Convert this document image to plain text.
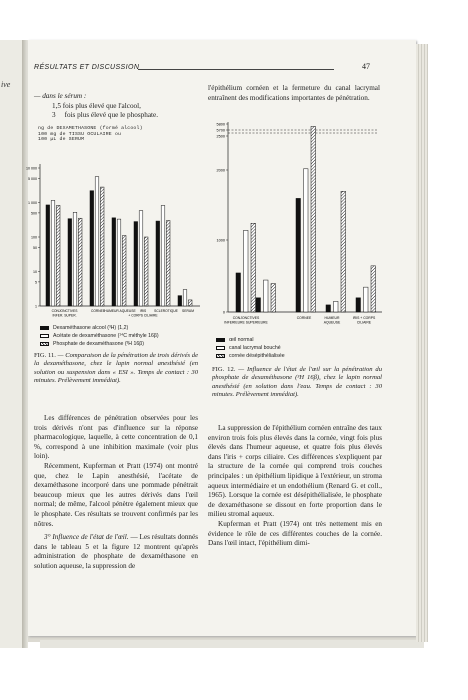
ive
RÉSULTATS ET DISCUSSION	47

— dans le sérum :

1,5 fois plus élevé que l'alcool,

3     fois plus élevé que le phosphate.

l'épithélium cornéen et la fermeture du canal lacrymal entraînent des modifications importantes de pénétration.
ng de DEXAMETHASONE (formé alcool)
100 mg de TISSU OCULAIRE ou
100 μL de SERUM
10 000
5 000
1 000
500
100
50
10
5
1
CONJONCTIVES
INFER. SUPER.
CORNEE HUMEUR AQUEUSE IRIS
+ CORPS CILIAIRE
SCLEROTIQUE SERUM
Dexaméthasone alcool (³H) (1,2)
Acétate de dexaméthasone (¹⁴C méthyle 16β)
Phosphate de dexaméthasone (³H 16β)
FIG. 11. — Comparaison de la pénétration de trois dérivés de la dexaméthasone, chez le lapin normal anesthésié (en solution ou suspension dans « ESI ». Temps de contact : 30 minutes. Prélèvement immédiat).
5800
5700
2500
2000
1000
0
CONJONCTIVES
INFERIEURE SUPERIEURE
CORNEE	HUMEUR
AQUEUSE
IRIS + CORPS
CILIAIRE
œil normal
canal lacrymal bouché
cornée désépithélialisée
FIG. 12. — Influence de l'état de l'œil sur la pénétration du phosphate de dexaméthasone (³H 16β), chez le lapin normal anesthésié (en solution dans l'eau. Temps de contact : 30 minutes. Prélèvement immédiat).

Les différences de pénétration observées pour les trois dérivés n'ont pas d'influence sur la réponse pharmacologique, laquelle, à cette concentration de 0,1 %, correspond à une inhibition maximale (voir plus loin).

Récemment, Kupferman et Pratt (1974) ont montré que, chez le Lapin anesthésié, l'acétate de dexaméthasone incorporé dans une pommade pénétrait beaucoup mieux que les autres dérivés dans l'œil normal; de même, l'alcool pénètre également mieux que le phosphate. Ces résultats se trouvent confirmés par les nôtres.

3° Influence de l'état de l'œil. — Les résultats donnés dans le tableau 5 et la figure 12 montrent qu'après administration de phosphate de dexaméthasone en solution aqueuse, la suppression de

La suppression de l'épithélium cornéen entraîne des taux environ trois fois plus élevés dans la cornée, vingt fois plus élevés dans l'humeur aqueuse, et quatre fois plus élevés dans l'iris + corps ciliaire. Ces différences s'expliquent par la structure de la cornée qui comprend trois couches principales : un épithélium lipidique à l'extérieur, un stroma aqueux intermédiaire et un endothélium (Renard G. et coll., 1965). Lorsque la cornée est désépithélialisée, le phosphate de dexaméthasone se dissout en forte proportion dans le milieu stromal aqueux.

Kupferman et Pratt (1974) ont très nettement mis en évidence le rôle de ces différentes couches de la cornée. Dans l'œil intact, l'épithélium dimi-
